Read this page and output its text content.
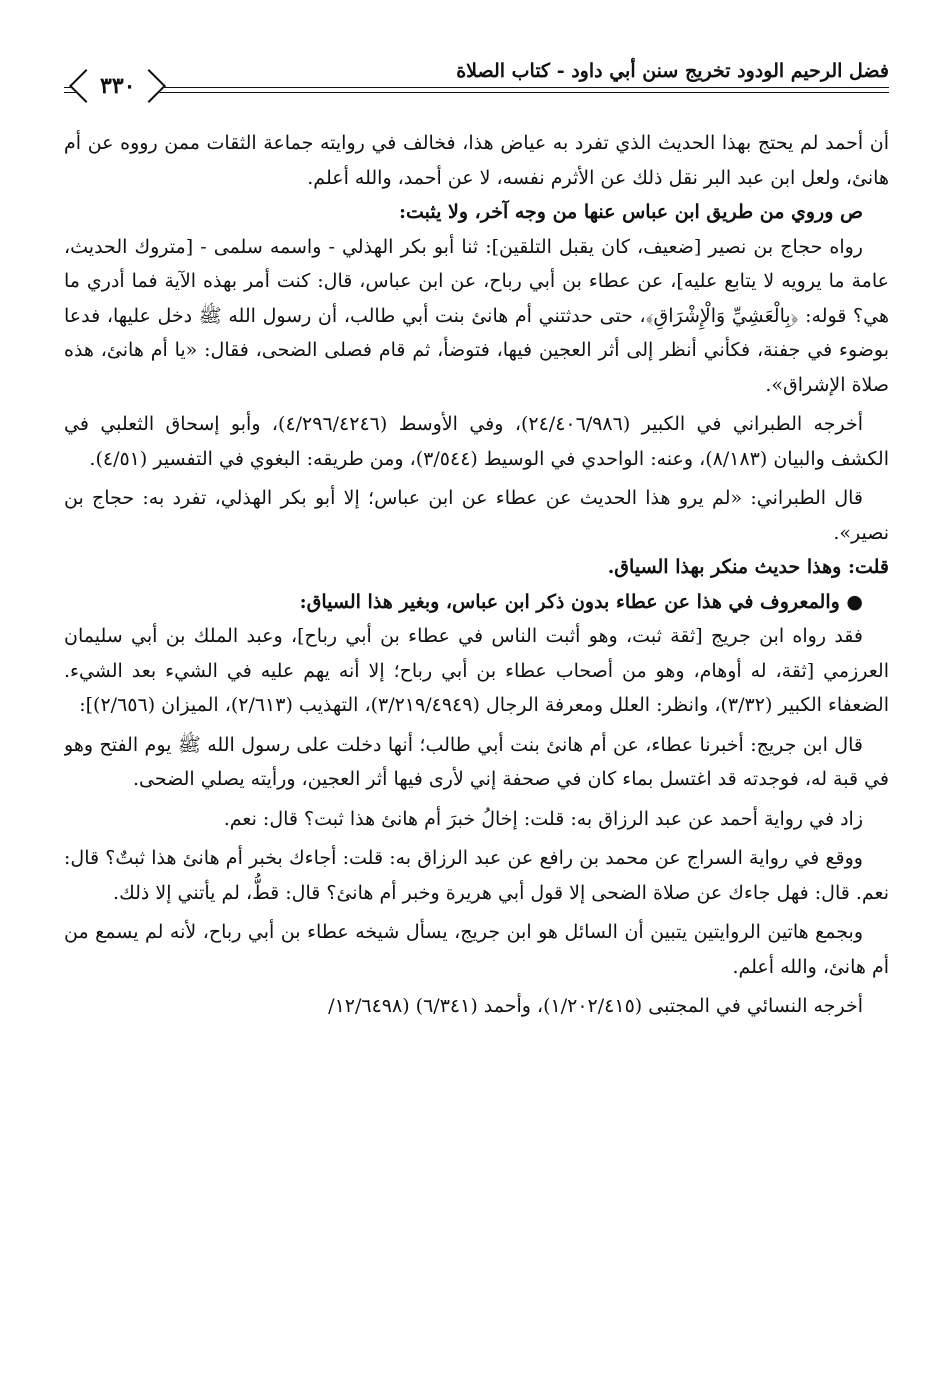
فضل الرحيم الودود تخريج سنن أبي داود - كتاب الصلاة
٣٣٠

أن أحمد لم يحتج بهذا الحديث الذي تفرد به عياض هذا، فخالف في روايته جماعة الثقات ممن رووه عن أم هانئ، ولعل ابن عبد البر نقل ذلك عن الأثرم نفسه، لا عن أحمد، والله أعلم.

ﺹ وروي من طريق ابن عباس عنها من وجه آخر، ولا يثبت:

رواه حجاج بن نصير [ضعيف، كان يقبل التلقين]: ثنا أبو بكر الهذلي - واسمه سلمى - [متروك الحديث، عامة ما يرويه لا يتابع عليه]، عن عطاء بن أبي رباح، عن ابن عباس، قال: كنت أمر بهذه الآية فما أدري ما هي؟ قوله: ﴿بِالْعَشِيِّ وَالْإِشْرَاقِ﴾، حتى حدثتني أم هانئ بنت أبي طالب، أن رسول الله ﷺ دخل عليها، فدعا بوضوء في جفنة، فكأني أنظر إلى أثر العجين فيها، فتوضأ، ثم قام فصلى الضحى، فقال: «يا أم هانئ، هذه صلاة الإشراق».

أخرجه الطبراني في الكبير (٢٤/٤٠٦/٩٨٦)، وفي الأوسط (٤/٢٩٦/٤٢٤٦)، وأبو إسحاق الثعلبي في الكشف والبيان (٨/١٨٣)، وعنه: الواحدي في الوسيط (٣/٥٤٤)، ومن طريقه: البغوي في التفسير (٤/٥١).

قال الطبراني: «لم يرو هذا الحديث عن عطاء عن ابن عباس؛ إلا أبو بكر الهذلي، تفرد به: حجاج بن نصير».

قلت: وهذا حديث منكر بهذا السياق.

● والمعروف في هذا عن عطاء بدون ذكر ابن عباس، وبغير هذا السياق:

فقد رواه ابن جريج [ثقة ثبت، وهو أثبت الناس في عطاء بن أبي رباح]، وعبد الملك بن أبي سليمان العرزمي [ثقة، له أوهام، وهو من أصحاب عطاء بن أبي رباح؛ إلا أنه يهم عليه في الشيء بعد الشيء. الضعفاء الكبير (٣/٣٢)، وانظر: العلل ومعرفة الرجال (٣/٢١٩/٤٩٤٩)، التهذيب (٢/٦١٣)، الميزان (٢/٦٥٦)]:

قال ابن جريج: أخبرنا عطاء، عن أم هانئ بنت أبي طالب؛ أنها دخلت على رسول الله ﷺ يوم الفتح وهو في قبة له، فوجدته قد اغتسل بماء كان في صحفة إني لأرى فيها أثر العجين، ورأيته يصلي الضحى.

زاد في رواية أحمد عن عبد الرزاق به: قلت: إخالُ خبرَ أم هانئ هذا ثبت؟ قال: نعم.

ووقع في رواية السراج عن محمد بن رافع عن عبد الرزاق به: قلت: أجاءك بخبر أم هانئ هذا ثبتٌ؟ قال: نعم. قال: فهل جاءك عن صلاة الضحى إلا قول أبي هريرة وخبر أم هانئ؟ قال: قطُّ، لم يأتني إلا ذلك.

وبجمع هاتين الروايتين يتبين أن السائل هو ابن جريج، يسأل شيخه عطاء بن أبي رباح، لأنه لم يسمع من أم هانئ، والله أعلم.

أخرجه النسائي في المجتبى (١/٢٠٢/٤١٥)، وأحمد (٦/٣٤١) (١٢/٦٤٩٨/
